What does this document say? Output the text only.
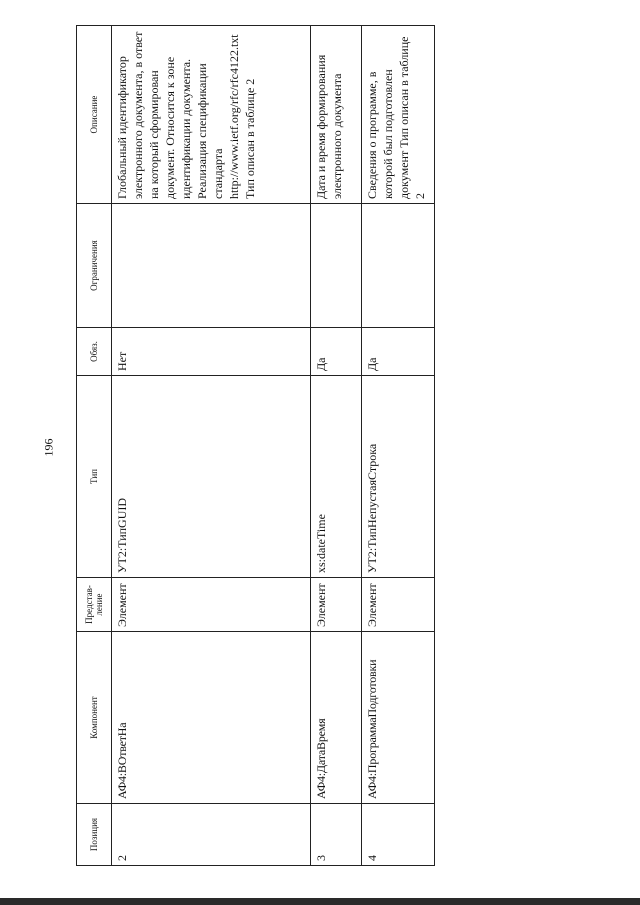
196
Позиция	Компонент	Представ-ление	Тип	Обяз.	Ограничения	Описание
2	АФ4:ВОтветНа	Элемент	УТ2:ТипGUID	Нет		Глобальный идентификатор электронного документа, в ответ на который сформирован документ. Относится к зоне идентификации документа. Реализация спецификации стандарта http://www.ietf.org/rfc/rfc4122.txt Тип описан в таблице 2
3	АФ4:ДатаВремя	Элемент	xs:dateTime	Да		Дата и время формирования электронного документа
4	АФ4:ПрограммаПодготовки	Элемент	УТ2:ТипНепустаяСтрока	Да		Сведения о программе, в которой был подготовлен документ Тип описан в таблице 2
